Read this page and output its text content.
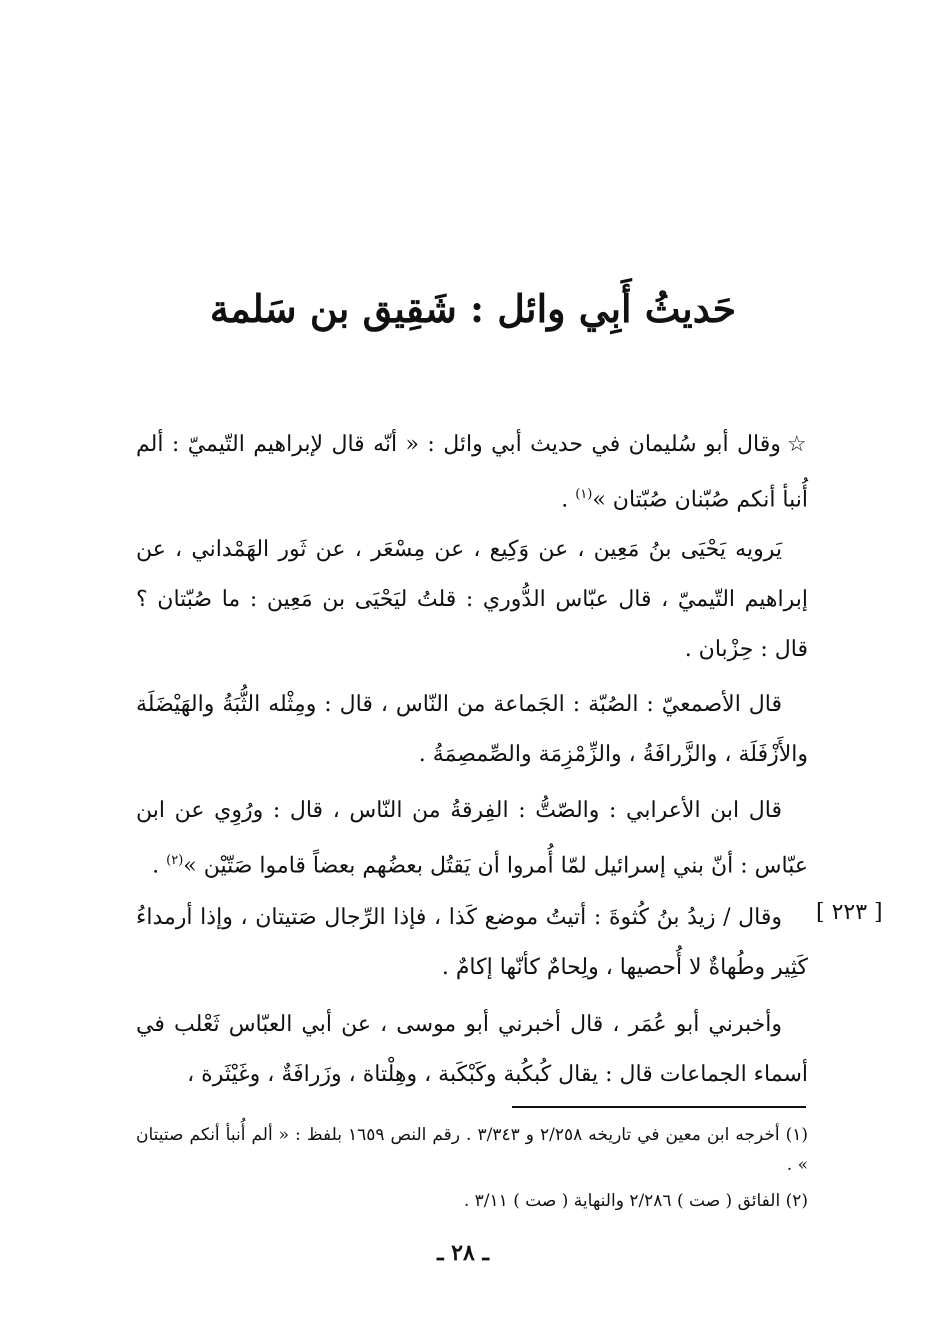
حَديثُ أَبِي وائل : شَقِيق بن سَلمة

☆وقال أبو سُليمان في حديث أبي وائل : « أنّه قال لإبراهيم التّيميّ : ألم أُنبأ أنكم صُبّنان صُبّتان »$^{(١)}$ .

يَرويه يَحْيَى بنُ مَعِين ، عن وَكِيع ، عن مِسْعَر ، عن ثَور الهَمْداني ، عن إبراهيم التّيميّ ، قال عبّاس الدُّوري : قلتُ ليَحْيَى بن مَعِين : ما صُبّتان ؟ قال : حِزْبان .

قال الأصمعيّ : الصُبّة : الجَماعة من النّاس ، قال : ومِثْله الثُّبَةُ والهَيْضَلَة والأَزْفَلَة ، والزَّرافَةُ ، والزِّمْزِمَة والصِّمصِمَةُ .

قال ابن الأعرابي : والصّتُّ : الفِرقةُ من النّاس ، قال : ورُوِي عن ابن عبّاس : أنّ بني إسرائيل لمّا أُمروا أن يَقتُل بعضُهم بعضاً قاموا صَتّيْن »$^{(٢)}$ .

[ ٢٢٣ ]

وقال / زيدُ بنُ كُثوةَ : أتيتُ موضع كَذا ، فإذا الرِّجال صَتيتان ، وإذا أرمداءُ كَثِير وطُهاةٌ لا أُحصيها ، ولِحامٌ كأنّها إكامٌ .

وأخبرني أبو عُمَر ، قال أخبرني أبو موسى ، عن أبي العبّاس ثَعْلب في أسماء الجماعات قال : يقال كُبكُبة وكَبْكَبة ، وهِلْتاة ، وزَرافَةٌ ، وغَيْثَرة ،

(١) أخرجه ابن معين في تاريخه ٢/٢٥٨ و ٣/٣٤٣ . رقم النص ١٦٥٩ بلفظ : « ألم أُنبأ أنكم صتيتان » .

(٢) الفائق ( صت ) ٢/٢٨٦ والنهاية ( صت ) ٣/١١ .

ـ ٢٨ ـ
